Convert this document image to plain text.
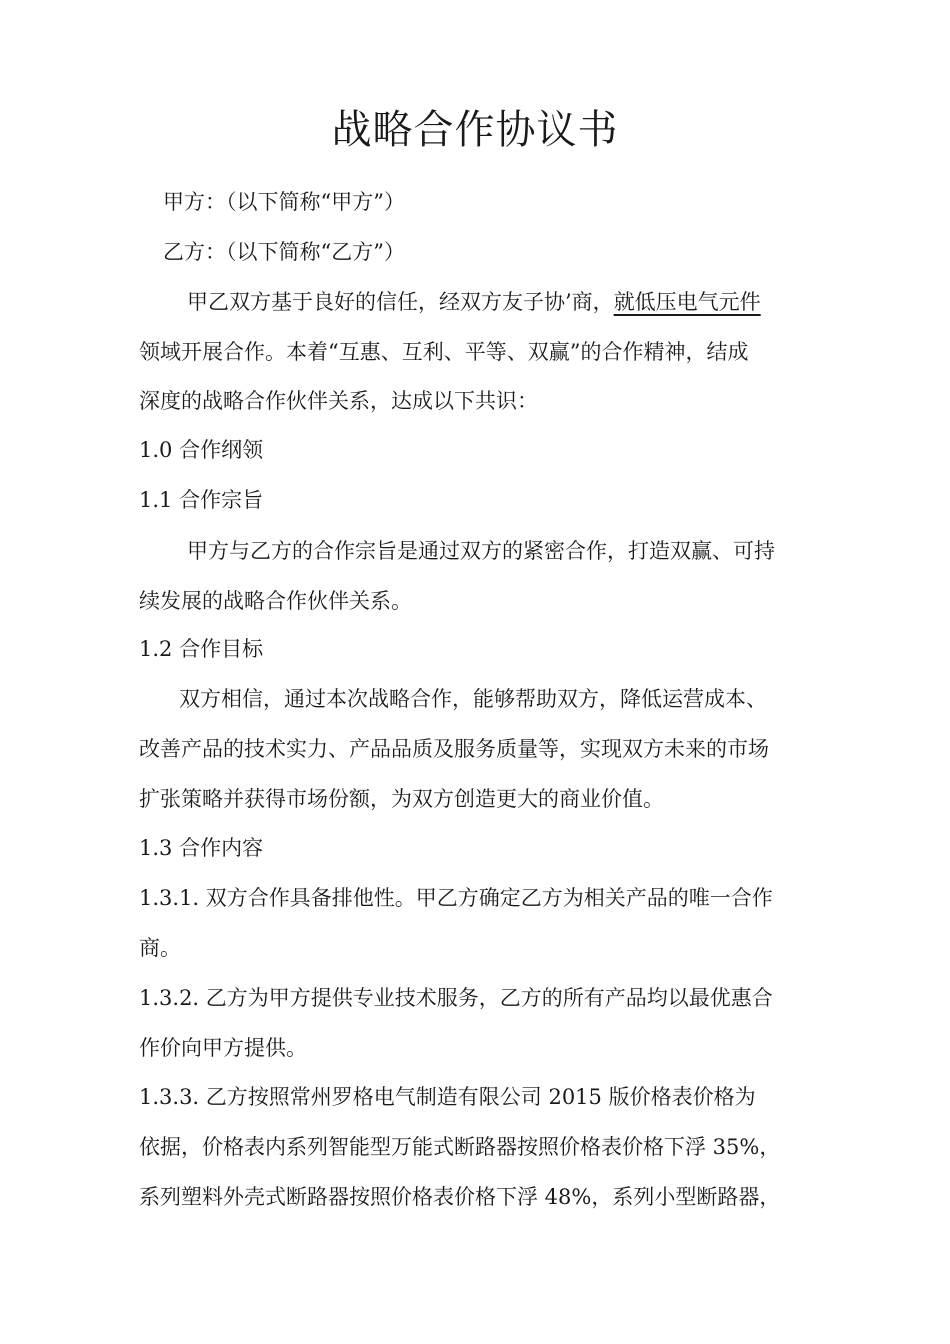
战略合作协议书
甲方：（以下简称“甲方”）
乙方：（以下简称“乙方”）
甲乙双方基于良好的信任，经双方友子协’商，就低压电气元件
领域开展合作。本着“互惠、互利、平等、双赢”的合作精神，结成
深度的战略合作伙伴关系，达成以下共识：
1.0 合作纲领
1.1 合作宗旨
甲方与乙方的合作宗旨是通过双方的紧密合作，打造双赢、可持
续发展的战略合作伙伴关系。
1.2 合作目标
双方相信，通过本次战略合作，能够帮助双方，降低运营成本、
改善产品的技术实力、产品品质及服务质量等，实现双方未来的市场
扩张策略并获得市场份额，为双方创造更大的商业价值。
1.3 合作内容
1.3.1. 双方合作具备排他性。甲乙方确定乙方为相关产品的唯一合作
商。
1.3.2. 乙方为甲方提供专业技术服务，乙方的所有产品均以最优惠合
作价向甲方提供。
1.3.3. 乙方按照常州罗格电气制造有限公司 2015 版价格表价格为
依据，价格表内系列智能型万能式断路器按照价格表价格下浮 35%，
系列塑料外壳式断路器按照价格表价格下浮 48%，系列小型断路器，
